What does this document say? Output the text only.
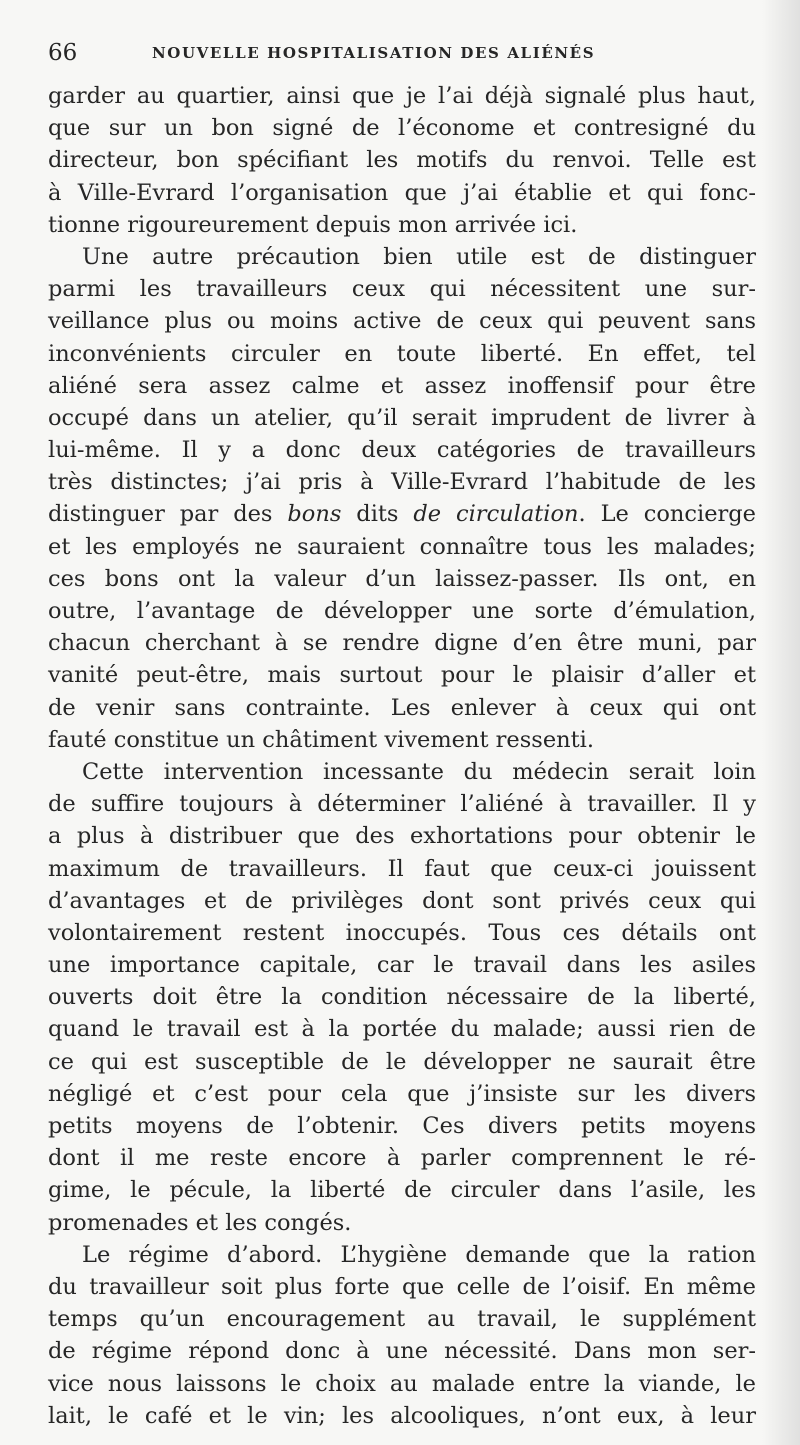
66	NOUVELLE HOSPITALISATION DES ALIÉNÉS
garder au quartier, ainsi que je l’ai déjà signalé plus haut,
que sur un bon signé de l’économe et contresigné du
directeur, bon spécifiant les motifs du renvoi. Telle est
à Ville-Evrard l’organisation que j’ai établie et qui fonc-
tionne rigoureurement depuis mon arrivée ici.
Une autre précaution bien utile est de distinguer
parmi les travailleurs ceux qui nécessitent une sur-
veillance plus ou moins active de ceux qui peuvent sans
inconvénients circuler en toute liberté. En effet, tel
aliéné sera assez calme et assez inoffensif pour être
occupé dans un atelier, qu’il serait imprudent de livrer à
lui-même. Il y a donc deux catégories de travailleurs
très distinctes; j’ai pris à Ville-Evrard l’habitude de les
distinguer par des bons dits de circulation. Le concierge
et les employés ne sauraient connaître tous les malades;
ces bons ont la valeur d’un laissez-passer. Ils ont, en
outre, l’avantage de développer une sorte d’émulation,
chacun cherchant à se rendre digne d’en être muni, par
vanité peut-être, mais surtout pour le plaisir d’aller et
de venir sans contrainte. Les enlever à ceux qui ont
fauté constitue un châtiment vivement ressenti.
Cette intervention incessante du médecin serait loin
de suffire toujours à déterminer l’aliéné à travailler. Il y
a plus à distribuer que des exhortations pour obtenir le
maximum de travailleurs. Il faut que ceux-ci jouissent
d’avantages et de privilèges dont sont privés ceux qui
volontairement restent inoccupés. Tous ces détails ont
une importance capitale, car le travail dans les asiles
ouverts doit être la condition nécessaire de la liberté,
quand le travail est à la portée du malade; aussi rien de
ce qui est susceptible de le développer ne saurait être
négligé et c’est pour cela que j’insiste sur les divers
petits moyens de l’obtenir. Ces divers petits moyens
dont il me reste encore à parler comprennent le ré-
gime, le pécule, la liberté de circuler dans l’asile, les
promenades et les congés.
Le régime d’abord. L’hygiène demande que la ration
du travailleur soit plus forte que celle de l’oisif. En même
temps qu’un encouragement au travail, le supplément
de régime répond donc à une nécessité. Dans mon ser-
vice nous laissons le choix au malade entre la viande, le
lait, le café et le vin; les alcooliques, n’ont eux, à leur
